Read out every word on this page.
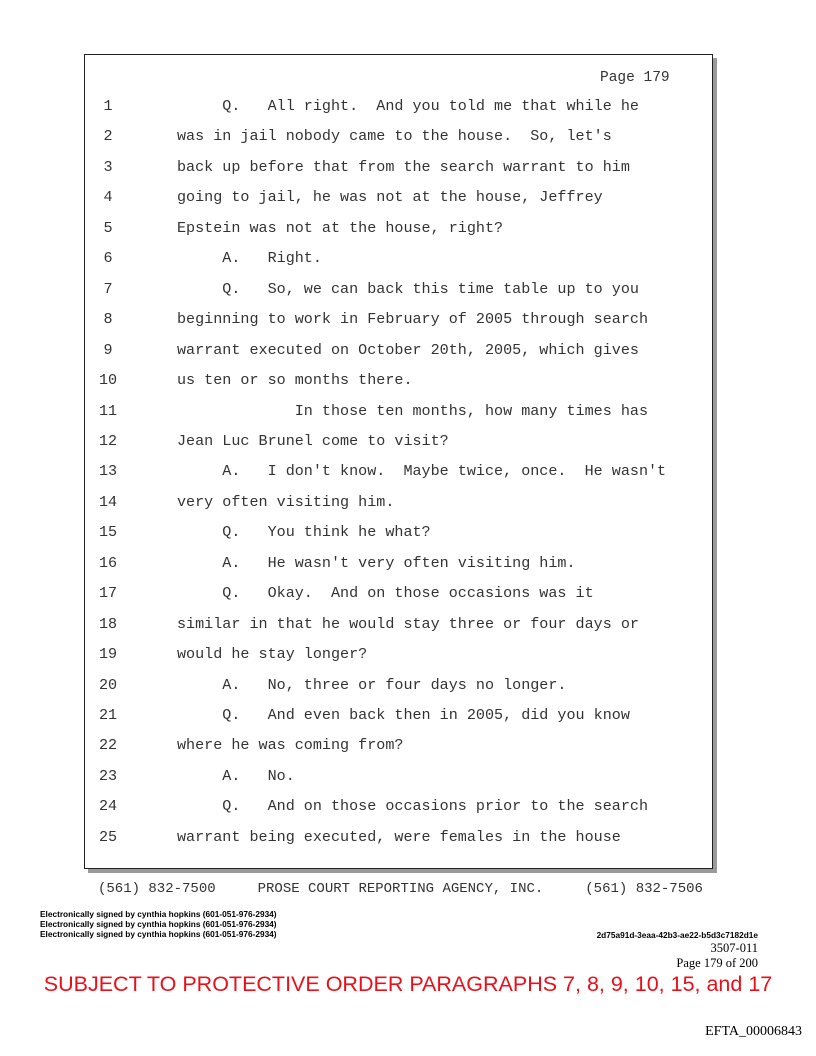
Page 179
1	Q.   All right.  And you told me that while he
2	was in jail nobody came to the house.  So, let's
3	back up before that from the search warrant to him
4	going to jail, he was not at the house, Jeffrey
5	Epstein was not at the house, right?
6	A.   Right.
7	Q.   So, we can back this time table up to you
8	beginning to work in February of 2005 through search
9	warrant executed on October 20th, 2005, which gives
10	us ten or so months there.
11	In those ten months, how many times has
12	Jean Luc Brunel come to visit?
13	A.   I don't know.  Maybe twice, once.  He wasn't
14	very often visiting him.
15	Q.   You think he what?
16	A.   He wasn't very often visiting him.
17	Q.   Okay.  And on those occasions was it
18	similar in that he would stay three or four days or
19	would he stay longer?
20	A.   No, three or four days no longer.
21	Q.   And even back then in 2005, did you know
22	where he was coming from?
23	A.   No.
24	Q.   And on those occasions prior to the search
25	warrant being executed, were females in the house
(561) 832-7500     PROSE COURT REPORTING AGENCY, INC.     (561) 832-7506
Electronically signed by cynthia hopkins (601-051-976-2934)
Electronically signed by cynthia hopkins (601-051-976-2934)
Electronically signed by cynthia hopkins (601-051-976-2934)	2d75a91d-3eaa-42b3-ae22-b5d3c7182d1e
3507-011
Page 179 of 200
SUBJECT TO PROTECTIVE ORDER PARAGRAPHS 7, 8, 9, 10, 15, and 17
EFTA_00006843
